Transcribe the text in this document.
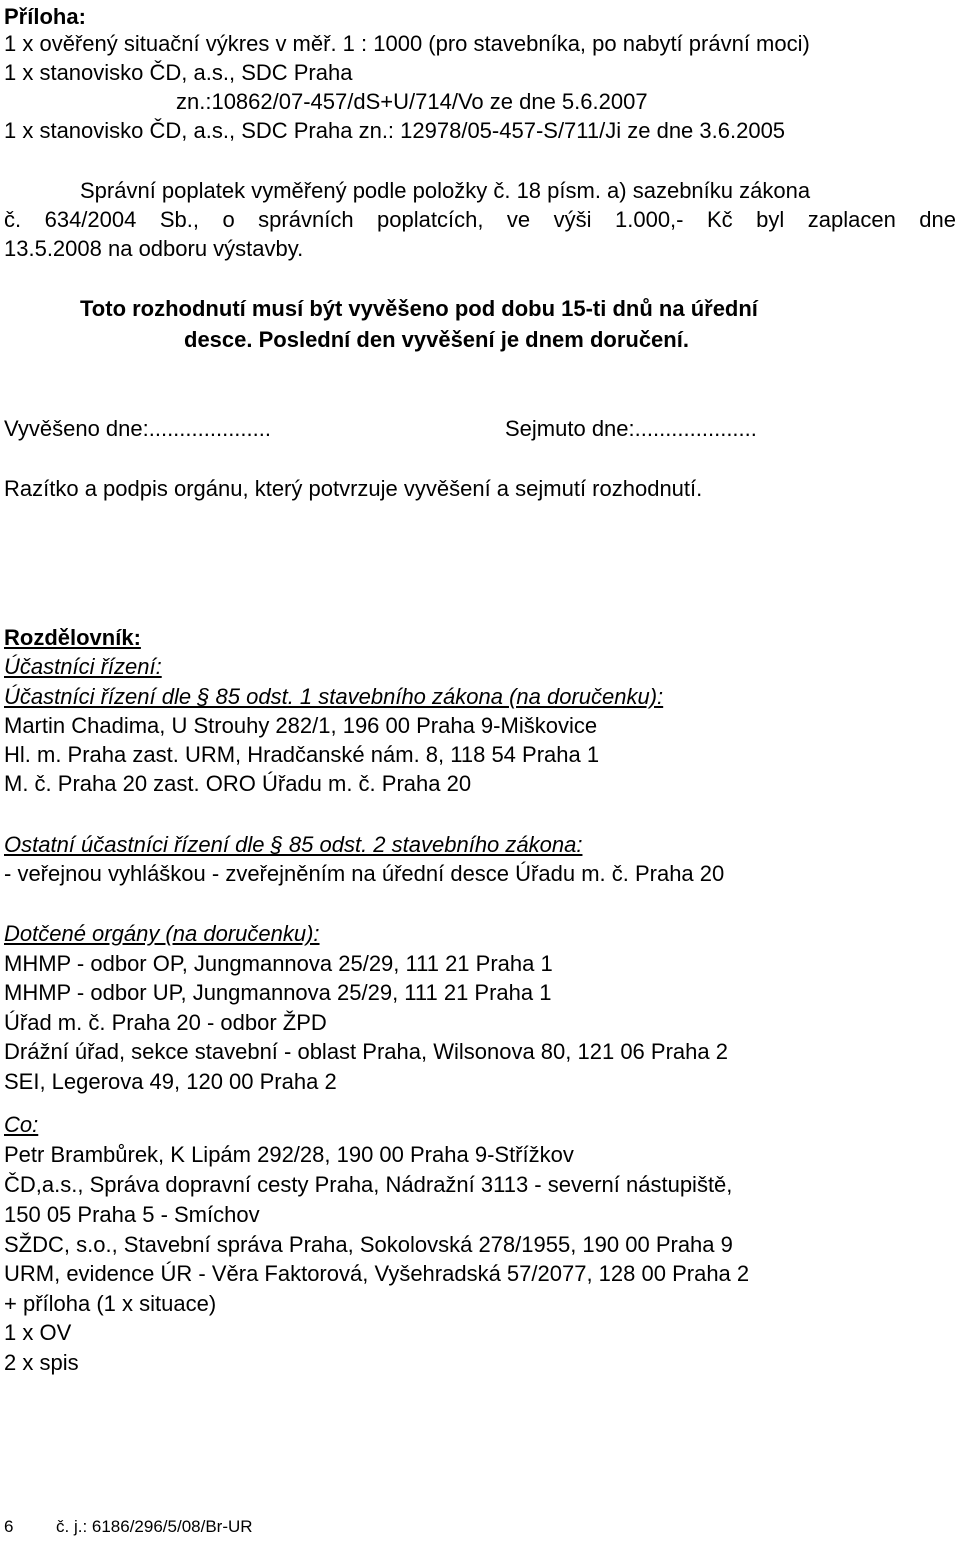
Příloha:
1 x ověřený situační výkres v měř. 1 : 1000 (pro stavebníka, po nabytí právní moci)
1 x stanovisko ČD, a.s., SDC Praha
zn.:10862/07-457/dS+U/714/Vo ze dne 5.6.2007
1 x stanovisko ČD, a.s., SDC Praha zn.: 12978/05-457-S/711/Ji ze dne 3.6.2005
Správní poplatek vyměřený podle položky č. 18 písm. a) sazebníku zákona
č. 634/2004 Sb., o správních poplatcích, ve výši 1.000,- Kč byl zaplacen dne
13.5.2008 na odboru výstavby.
Toto rozhodnutí musí být vyvěšeno pod dobu 15-ti dnů na úřední
desce. Poslední den vyvěšení je dnem doručení.
Vyvěšeno dne:....................	Sejmuto dne:....................
Razítko a podpis orgánu, který potvrzuje vyvěšení a sejmutí rozhodnutí.
Rozdělovník:
Účastníci řízení:
Účastníci řízení dle § 85 odst. 1 stavebního zákona (na doručenku):
Martin Chadima, U Strouhy 282/1, 196 00 Praha 9-Miškovice
Hl. m. Praha zast. URM, Hradčanské nám. 8, 118 54 Praha 1
M. č. Praha 20 zast. ORO Úřadu m. č. Praha 20
Ostatní účastníci řízení dle § 85 odst. 2 stavebního zákona:
- veřejnou vyhláškou - zveřejněním na úřední desce Úřadu m. č. Praha 20
Dotčené orgány (na doručenku):
MHMP - odbor OP, Jungmannova 25/29, 111 21 Praha 1
MHMP - odbor UP, Jungmannova 25/29, 111 21 Praha 1
Úřad m. č. Praha 20 - odbor ŽPD
Drážní úřad, sekce stavební - oblast Praha, Wilsonova 80, 121 06 Praha 2
SEI, Legerova 49, 120 00 Praha 2
Co:
Petr Brambůrek, K Lipám 292/28, 190 00 Praha 9-Střížkov
ČD,a.s., Správa dopravní cesty Praha, Nádražní 3113 - severní nástupiště,
150 05 Praha 5 - Smíchov
SŽDC, s.o., Stavební správa Praha, Sokolovská 278/1955, 190 00 Praha 9
URM, evidence ÚR - Věra Faktorová, Vyšehradská 57/2077, 128 00 Praha 2
+ příloha (1 x situace)
1 x OV
2 x spis
6	č. j.: 6186/296/5/08/Br-UR
